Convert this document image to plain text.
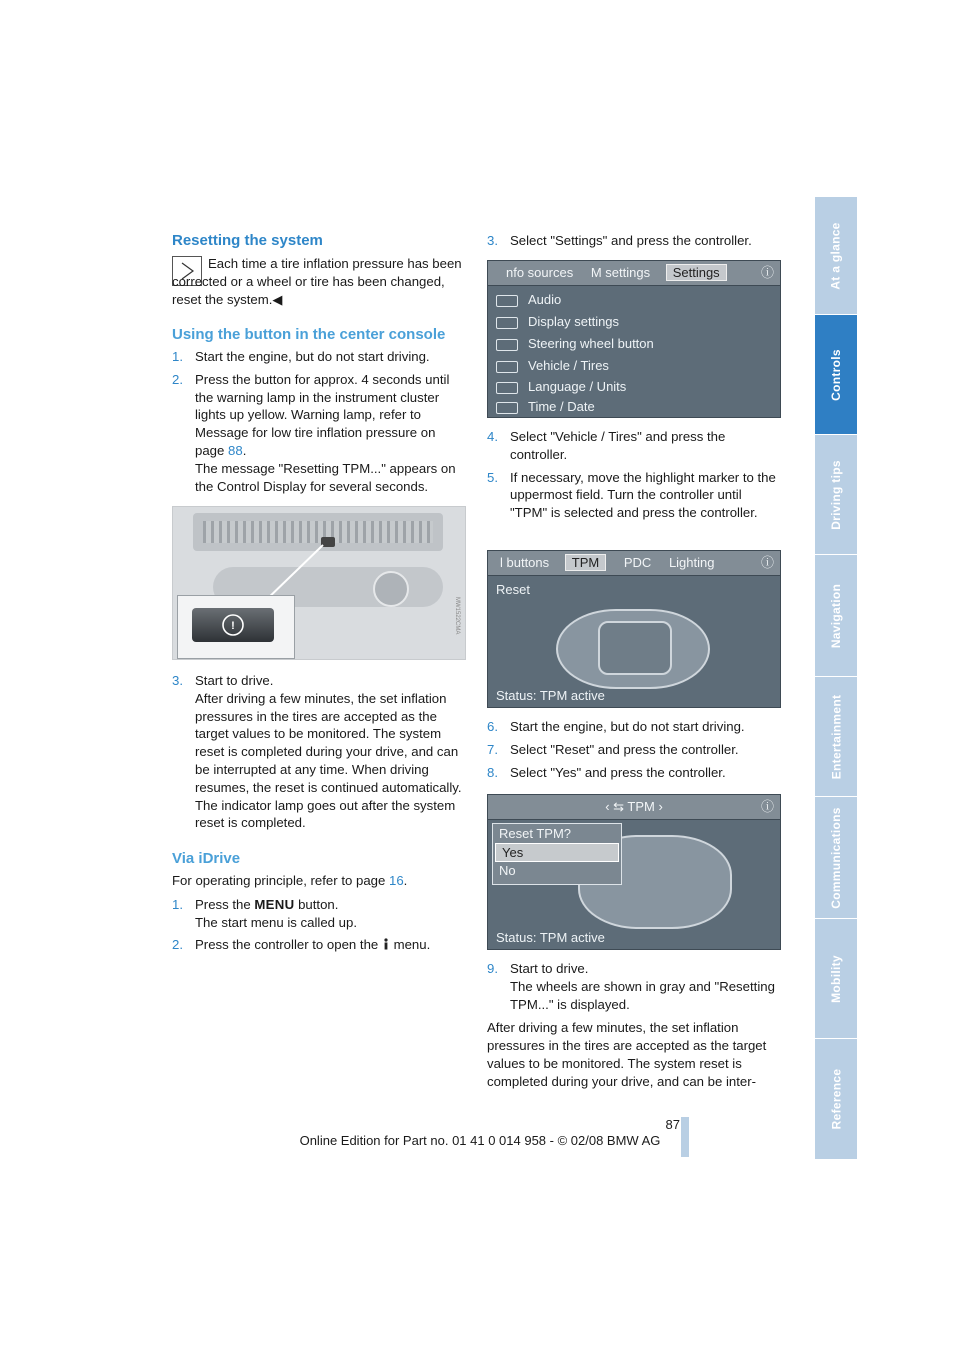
At a glance
Controls
Driving tips
Navigation
Entertainment
Communications
Mobility
Reference
Resetting the system
Each time a tire inflation pressure has been corrected or a wheel or tire has been changed, reset the system.◀
Using the button in the center console
1. Start the engine, but do not start driving.
2. Press the button for approx. 4 seconds until the warning lamp in the instrument cluster lights up yellow. Warning lamp, refer to Message for low tire inflation pressure on page 88.
The message "Resetting TPM..." appears on the Control Display for several seconds.
!	MW1522CMA
3. Start to drive.
After driving a few minutes, the set inflation pressures in the tires are accepted as the target values to be monitored. The system reset is completed during your drive, and can be interrupted at any time. When driving resumes, the reset is continued automatically. The indicator lamp goes out after the system reset is completed.
Via iDrive
For operating principle, refer to page 16.
1. Press the MENU button.
The start menu is called up.
2. Press the controller to open the  menu.
3. Select "Settings" and press the controller.
nfo sources M settings Settings	ⓘ
Audio
Display settings
Steering wheel button
Vehicle / Tires
Language / Units
Time / Date
4. Select "Vehicle / Tires" and press the controller.
5. If necessary, move the highlight marker to the uppermost field. Turn the controller until "TPM" is selected and press the controller.
l buttons TPM PDC Lighting	ⓘ
Reset
Status: TPM active
6. Start the engine, but do not start driving.
7. Select "Reset" and press the controller.
8. Select "Yes" and press the controller.
‹ ⇆ TPM ›	ⓘ
Reset TPM?
Yes
No
Status: TPM active
9. Start to drive.
The wheels are shown in gray and "Resetting TPM..." is displayed.
After driving a few minutes, the set inflation pressures in the tires are accepted as the target values to be monitored. The system reset is completed during your drive, and can be inter-
87
Online Edition for Part no. 01 41 0 014 958 - © 02/08 BMW AG
